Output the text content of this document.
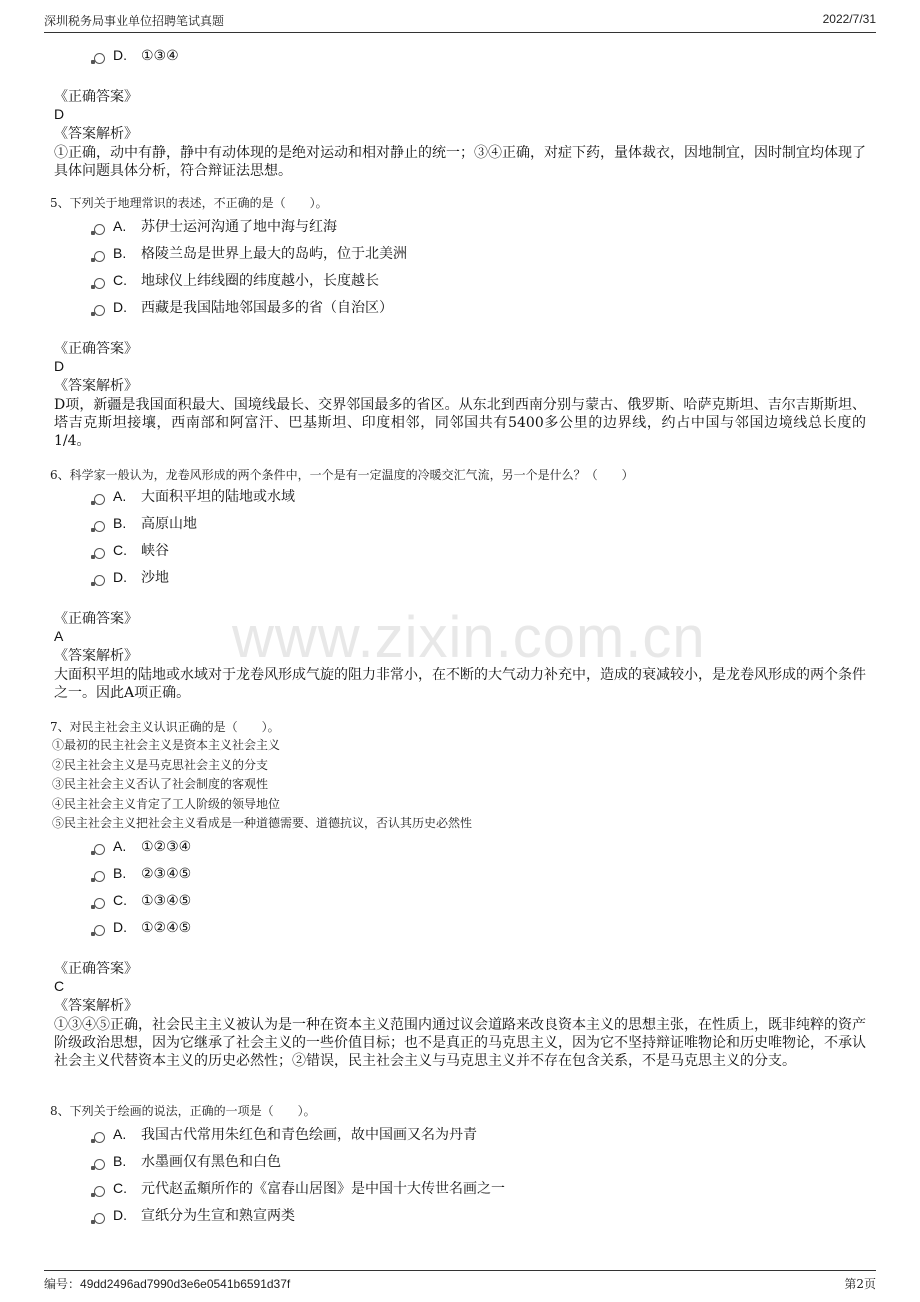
深圳税务局事业单位招聘笔试真题	2022/7/31
www.zixin.com.cn
D. ①③④
《正确答案》
D
《答案解析》
①正确，动中有静，静中有动体现的是绝对运动和相对静止的统一；③④正确，对症下药，量体裁衣，因地制宜，因时制宜均体现了具体问题具体分析，符合辩证法思想。
5、下列关于地理常识的表述，不正确的是（　　）。
A. 苏伊士运河沟通了地中海与红海
B. 格陵兰岛是世界上最大的岛屿，位于北美洲
C. 地球仪上纬线圈的纬度越小，长度越长
D. 西藏是我国陆地邻国最多的省（自治区）
《正确答案》
D
《答案解析》
D项，新疆是我国面积最大、国境线最长、交界邻国最多的省区。从东北到西南分别与蒙古、俄罗斯、哈萨克斯坦、吉尔吉斯斯坦、塔吉克斯坦接壤，西南部和阿富汗、巴基斯坦、印度相邻，同邻国共有5400多公里的边界线，约占中国与邻国边境线总长度的1/4。
6、科学家一般认为，龙卷风形成的两个条件中，一个是有一定温度的冷暖交汇气流，另一个是什么？（　　）
A. 大面积平坦的陆地或水域
B. 高原山地
C. 峡谷
D. 沙地
《正确答案》
A
《答案解析》
大面积平坦的陆地或水域对于龙卷风形成气旋的阻力非常小，在不断的大气动力补充中，造成的衰减较小，是龙卷风形成的两个条件之一。因此A项正确。
7、对民主社会主义认识正确的是（　　）。
①最初的民主社会主义是资本主义社会主义
②民主社会主义是马克思社会主义的分支
③民主社会主义否认了社会制度的客观性
④民主社会主义肯定了工人阶级的领导地位
⑤民主社会主义把社会主义看成是一种道德需要、道德抗议，否认其历史必然性
A. ①②③④
B. ②③④⑤
C. ①③④⑤
D. ①②④⑤
《正确答案》
C
《答案解析》
①③④⑤正确，社会民主主义被认为是一种在资本主义范围内通过议会道路来改良资本主义的思想主张，在性质上，既非纯粹的资产阶级政治思想，因为它继承了社会主义的一些价值目标；也不是真正的马克思主义，因为它不坚持辩证唯物论和历史唯物论，不承认社会主义代替资本主义的历史必然性；②错误，民主社会主义与马克思主义并不存在包含关系，不是马克思主义的分支。
8、下列关于绘画的说法，正确的一项是（　　）。
A. 我国古代常用朱红色和青色绘画，故中国画又名为丹青
B. 水墨画仅有黑色和白色
C. 元代赵孟頫所作的《富春山居图》是中国十大传世名画之一
D. 宣纸分为生宣和熟宣两类
编号：49dd2496ad7990d3e6e0541b6591d37f	第2页
